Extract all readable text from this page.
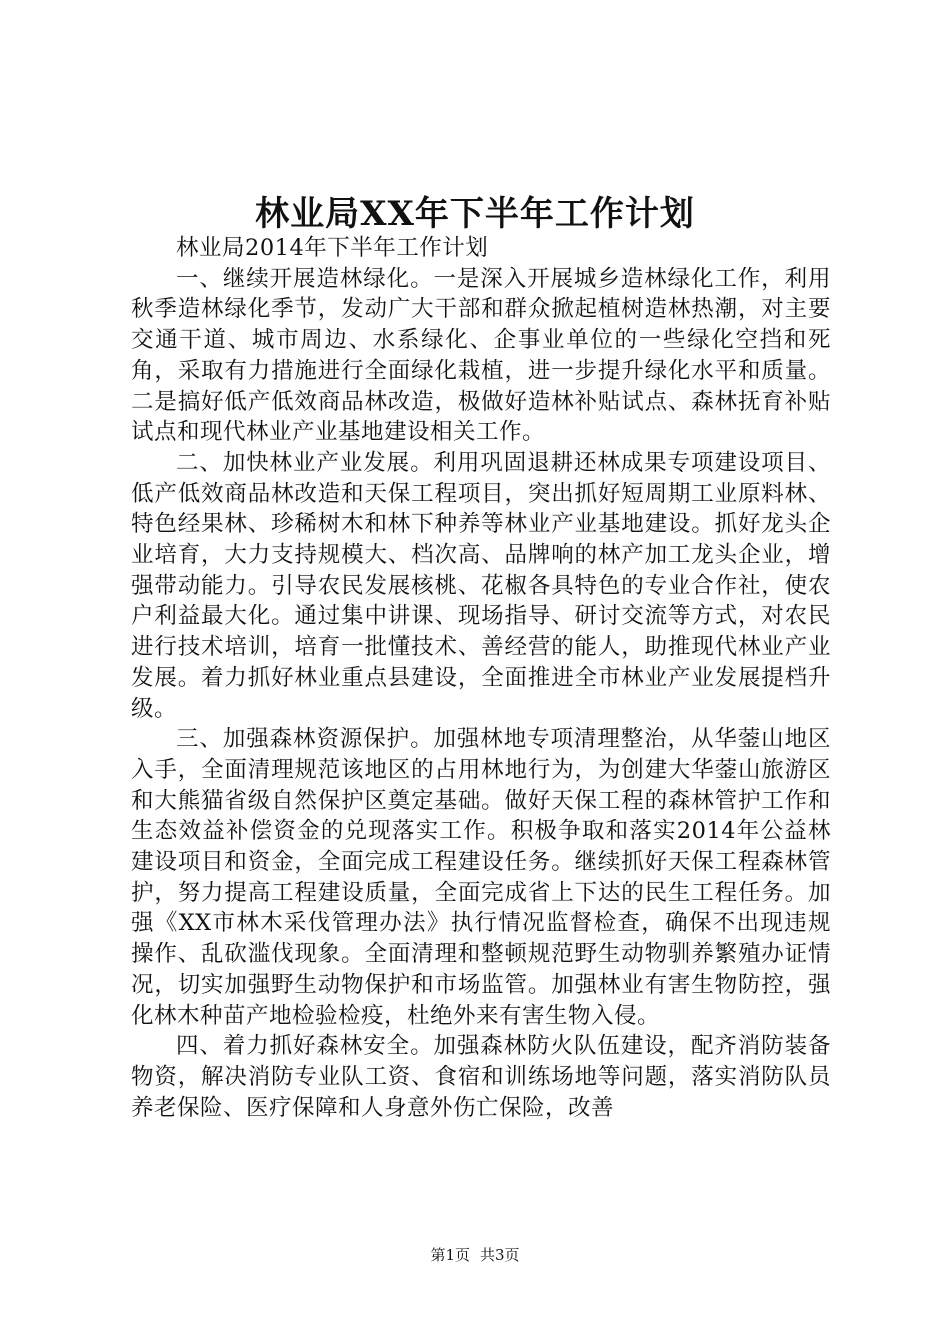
林业局XX年下半年工作计划

林业局2014年下半年工作计划

一、继续开展造林绿化。一是深入开展城乡造林绿化工作，利用秋季造林绿化季节，发动广大干部和群众掀起植树造林热潮，对主要交通干道、城市周边、水系绿化、企事业单位的一些绿化空挡和死角，采取有力措施进行全面绿化栽植，进一步提升绿化水平和质量。二是搞好低产低效商品林改造，极做好造林补贴试点、森林抚育补贴试点和现代林业产业基地建设相关工作。

二、加快林业产业发展。利用巩固退耕还林成果专项建设项目、低产低效商品林改造和天保工程项目，突出抓好短周期工业原料林、特色经果林、珍稀树木和林下种养等林业产业基地建设。抓好龙头企业培育，大力支持规模大、档次高、品牌响的林产加工龙头企业，增强带动能力。引导农民发展核桃、花椒各具特色的专业合作社，使农户利益最大化。通过集中讲课、现场指导、研讨交流等方式，对农民进行技术培训，培育一批懂技术、善经营的能人，助推现代林业产业发展。着力抓好林业重点县建设，全面推进全市林业产业发展提档升级。

三、加强森林资源保护。加强林地专项清理整治，从华蓥山地区入手，全面清理规范该地区的占用林地行为，为创建大华蓥山旅游区和大熊猫省级自然保护区奠定基础。做好天保工程的森林管护工作和生态效益补偿资金的兑现落实工作。积极争取和落实2014年公益林建设项目和资金，全面完成工程建设任务。继续抓好天保工程森林管护，努力提高工程建设质量，全面完成省上下达的民生工程任务。加强《XX市林木采伐管理办法》执行情况监督检查，确保不出现违规操作、乱砍滥伐现象。全面清理和整顿规范野生动物驯养繁殖办证情况，切实加强野生动物保护和市场监管。加强林业有害生物防控，强化林木种苗产地检验检疫，杜绝外来有害生物入侵。

四、着力抓好森林安全。加强森林防火队伍建设，配齐消防装备物资，解决消防专业队工资、食宿和训练场地等问题，落实消防队员养老保险、医疗保障和人身意外伤亡保险，改善

第1页 共3页
